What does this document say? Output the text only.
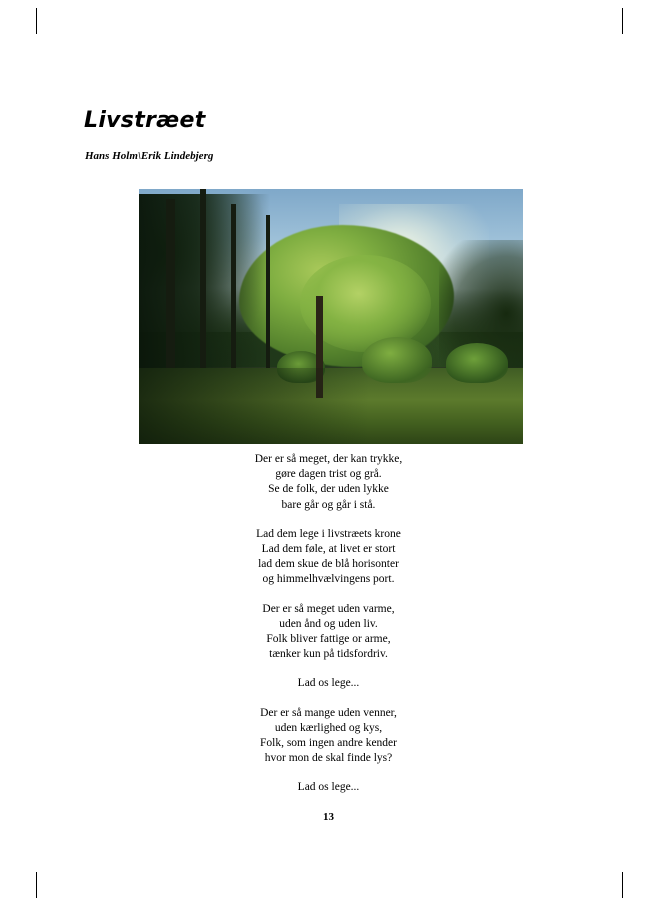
Livstræet
Hans Holm\Erik Lindebjerg

Der er så meget, der kan trykke,
gøre dagen trist og grå.
Se de folk, der uden lykke
bare går og går i stå.

Lad dem lege i livstræets krone
Lad dem føle, at livet er stort
lad dem skue de blå horisonter
og himmelhvælvingens port.

Der er så meget uden varme,
uden ånd og uden liv.
Folk bliver fattige or arme,
tænker kun på tidsfordriv.

Lad os lege...

Der er så mange uden venner,
uden kærlighed og kys,
Folk, som ingen andre kender
hvor mon de skal finde lys?

Lad os lege...

13
